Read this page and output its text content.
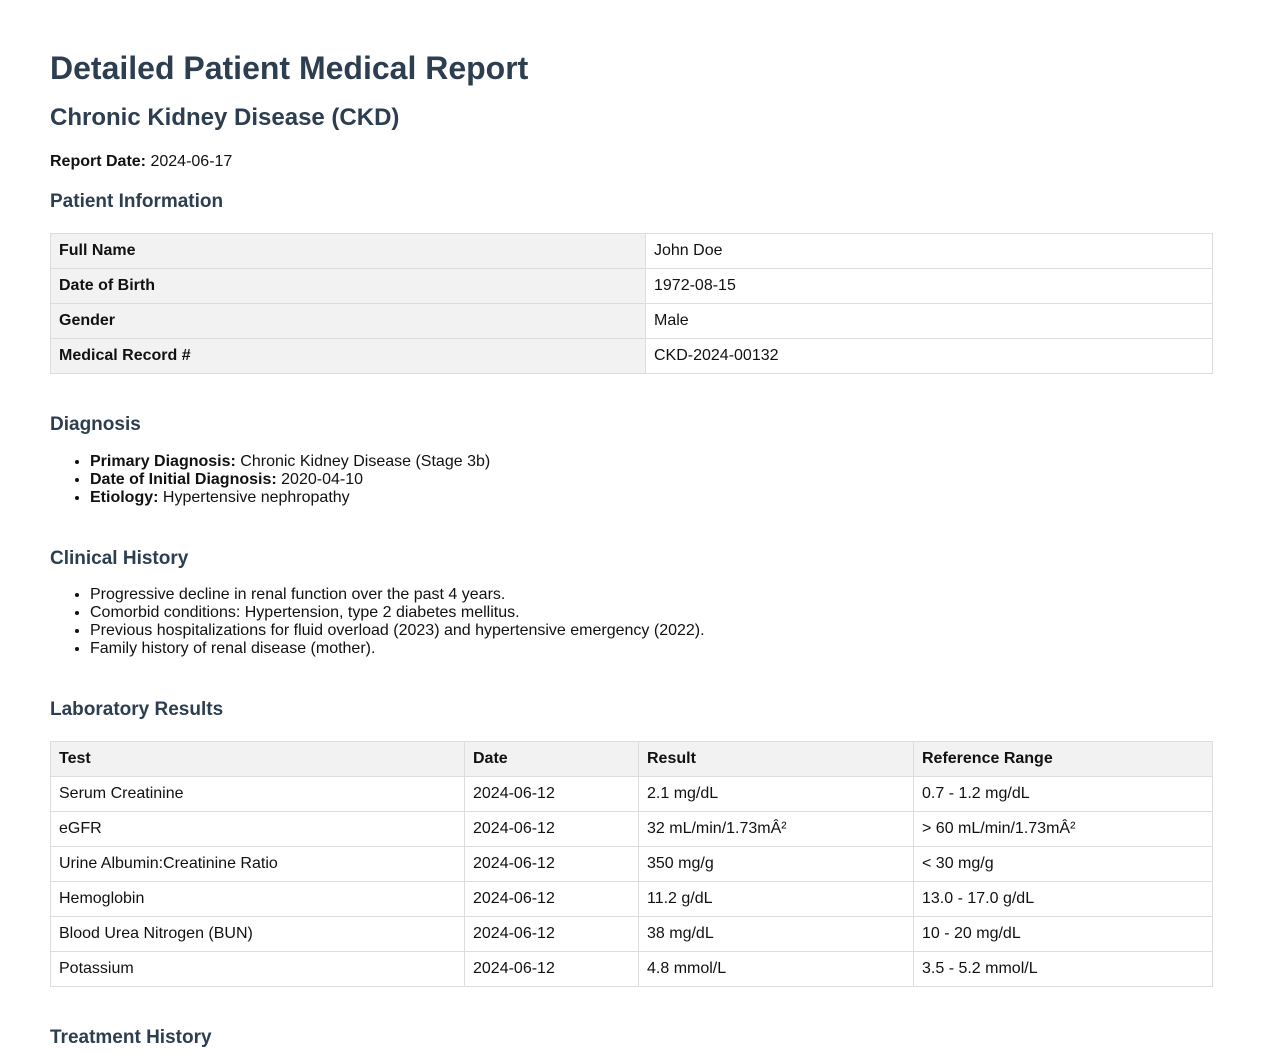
Detailed Patient Medical Report
Chronic Kidney Disease (CKD)
Report Date: 2024-06-17
Patient Information
Full Name	John Doe
Date of Birth	1972-08-15
Gender	Male
Medical Record #	CKD-2024-00132
Diagnosis
• Primary Diagnosis: Chronic Kidney Disease (Stage 3b)
• Date of Initial Diagnosis: 2020-04-10
• Etiology: Hypertensive nephropathy
Clinical History
• Progressive decline in renal function over the past 4 years.
• Comorbid conditions: Hypertension, type 2 diabetes mellitus.
• Previous hospitalizations for fluid overload (2023) and hypertensive emergency (2022).
• Family history of renal disease (mother).
Laboratory Results
Test	Date	Result	Reference Range
Serum Creatinine	2024-06-12	2.1 mg/dL	0.7 - 1.2 mg/dL
eGFR	2024-06-12	32 mL/min/1.73mÂ²	> 60 mL/min/1.73mÂ²
Urine Albumin:Creatinine Ratio	2024-06-12	350 mg/g	< 30 mg/g
Hemoglobin	2024-06-12	11.2 g/dL	13.0 - 17.0 g/dL
Blood Urea Nitrogen (BUN)	2024-06-12	38 mg/dL	10 - 20 mg/dL
Potassium	2024-06-12	4.8 mmol/L	3.5 - 5.2 mmol/L
Treatment History
